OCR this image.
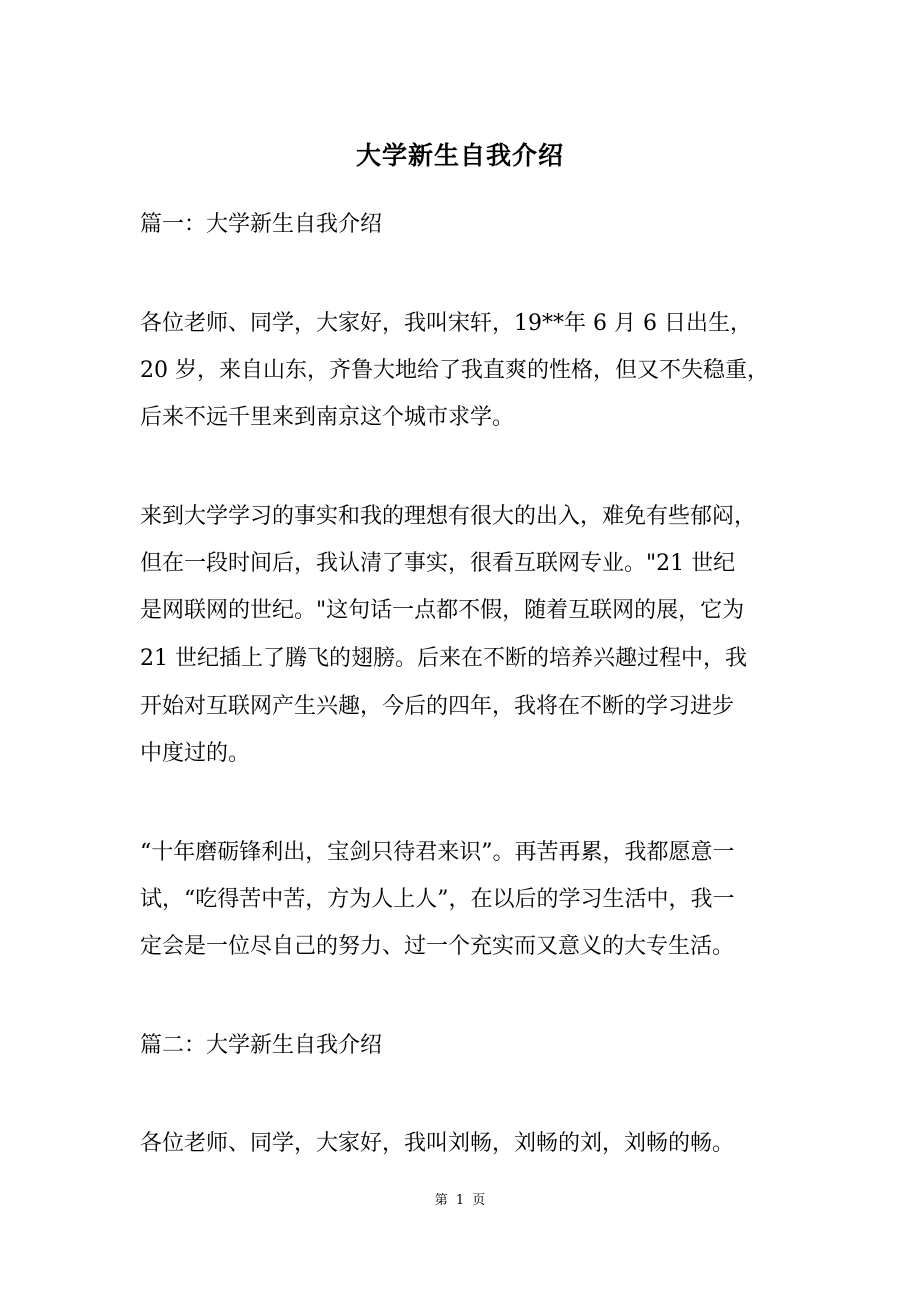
大学新生自我介绍

篇一：大学新生自我介绍

各位老师、同学，大家好，我叫宋轩，19**年 6 月 6 日出生，

20 岁，来自山东，齐鲁大地给了我直爽的性格，但又不失稳重，

后来不远千里来到南京这个城市求学。

来到大学学习的事实和我的理想有很大的出入，难免有些郁闷，

但在一段时间后，我认清了事实，很看互联网专业。"21 世纪

是网联网的世纪。"这句话一点都不假，随着互联网的展，它为

21 世纪插上了腾飞的翅膀。后来在不断的培养兴趣过程中，我

开始对互联网产生兴趣，今后的四年，我将在不断的学习进步

中度过的。

“十年磨砺锋利出，宝剑只待君来识”。再苦再累，我都愿意一

试，“吃得苦中苦，方为人上人”，在以后的学习生活中，我一

定会是一位尽自己的努力、过一个充实而又意义的大专生活。

篇二：大学新生自我介绍

各位老师、同学，大家好，我叫刘畅，刘畅的刘，刘畅的畅。

第 1 页
